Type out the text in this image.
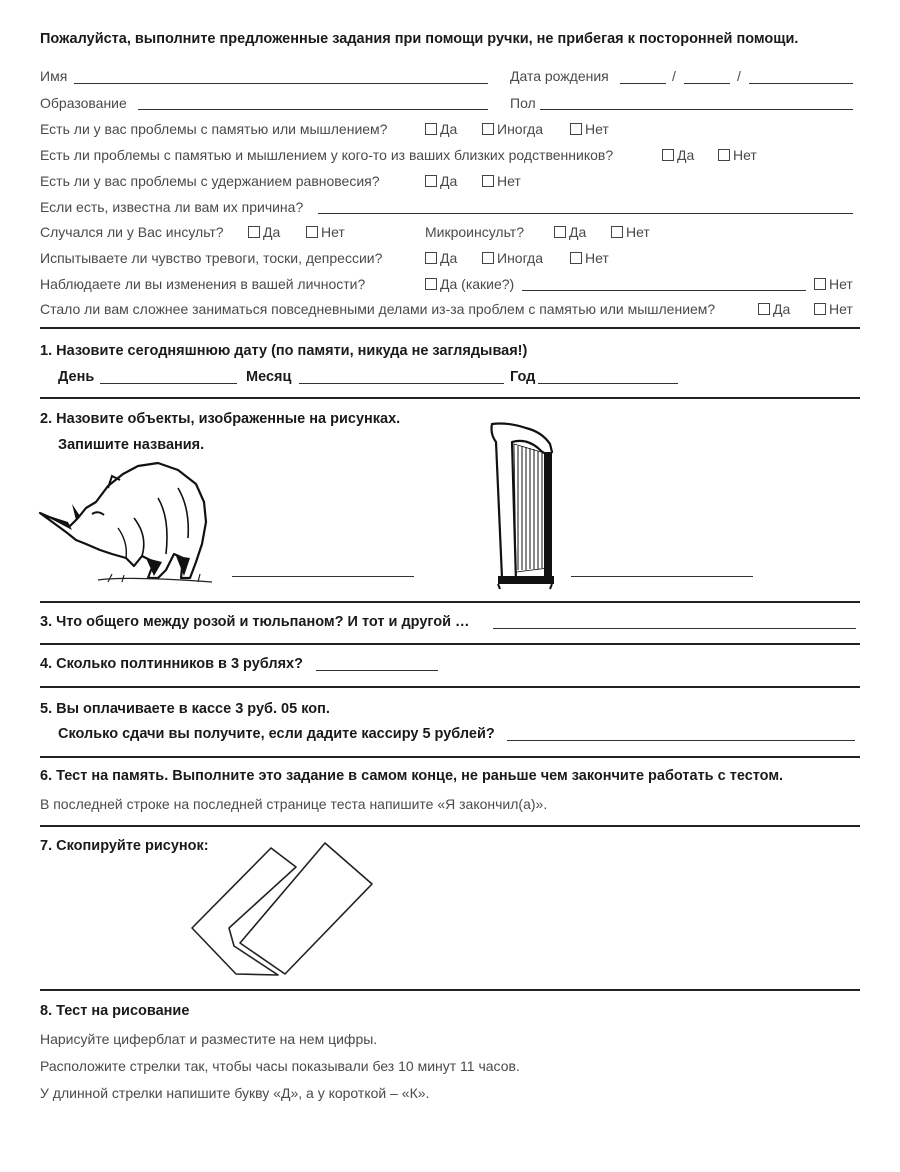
Пожалуйста, выполните предложенные задания при помощи ручки, не прибегая к посторонней помощи.
Имя	Дата рождения	/	/
Образование	Пол
Есть ли у вас проблемы с памятью или мышлением?	Да	Иногда	Нет
Есть ли проблемы с памятью и мышлением у кого-то из ваших близких родственников?	Да	Нет
Есть ли у вас проблемы с удержанием равновесия?	Да	Нет
Если есть, известна ли вам их причина?
Случался ли у Вас инсульт?	Да	Нет	Микроинсульт?	Да	Нет
Испытываете ли чувство тревоги, тоски, депрессии?	Да	Иногда	Нет
Наблюдаете ли вы изменения в вашей личности?	Да (какие?)	Нет
Стало ли вам сложнее заниматься повседневными делами из-за проблем с памятью или мышлением?	Да	Нет
1. Назовите сегодняшнюю дату (по памяти, никуда не заглядывая!)
День	Месяц	Год
2. Назовите объекты, изображенные на рисунках.
Запишите названия.
3. Что общего между розой и тюльпаном? И тот и другой …
4. Сколько полтинников в 3 рублях?
5. Вы оплачиваете в кассе 3 руб. 05 коп.
Сколько сдачи вы получите, если дадите кассиру 5 рублей?
6. Тест на память. Выполните это задание в самом конце, не раньше чем закончите работать с тестом.
В последней строке на последней странице теста напишите «Я закончил(а)».
7. Скопируйте рисунок:
8. Тест на рисование
Нарисуйте циферблат и разместите на нем цифры.
Расположите стрелки так, чтобы часы показывали без 10 минут 11 часов.
У длинной стрелки напишите букву «Д», а у короткой – «К».
